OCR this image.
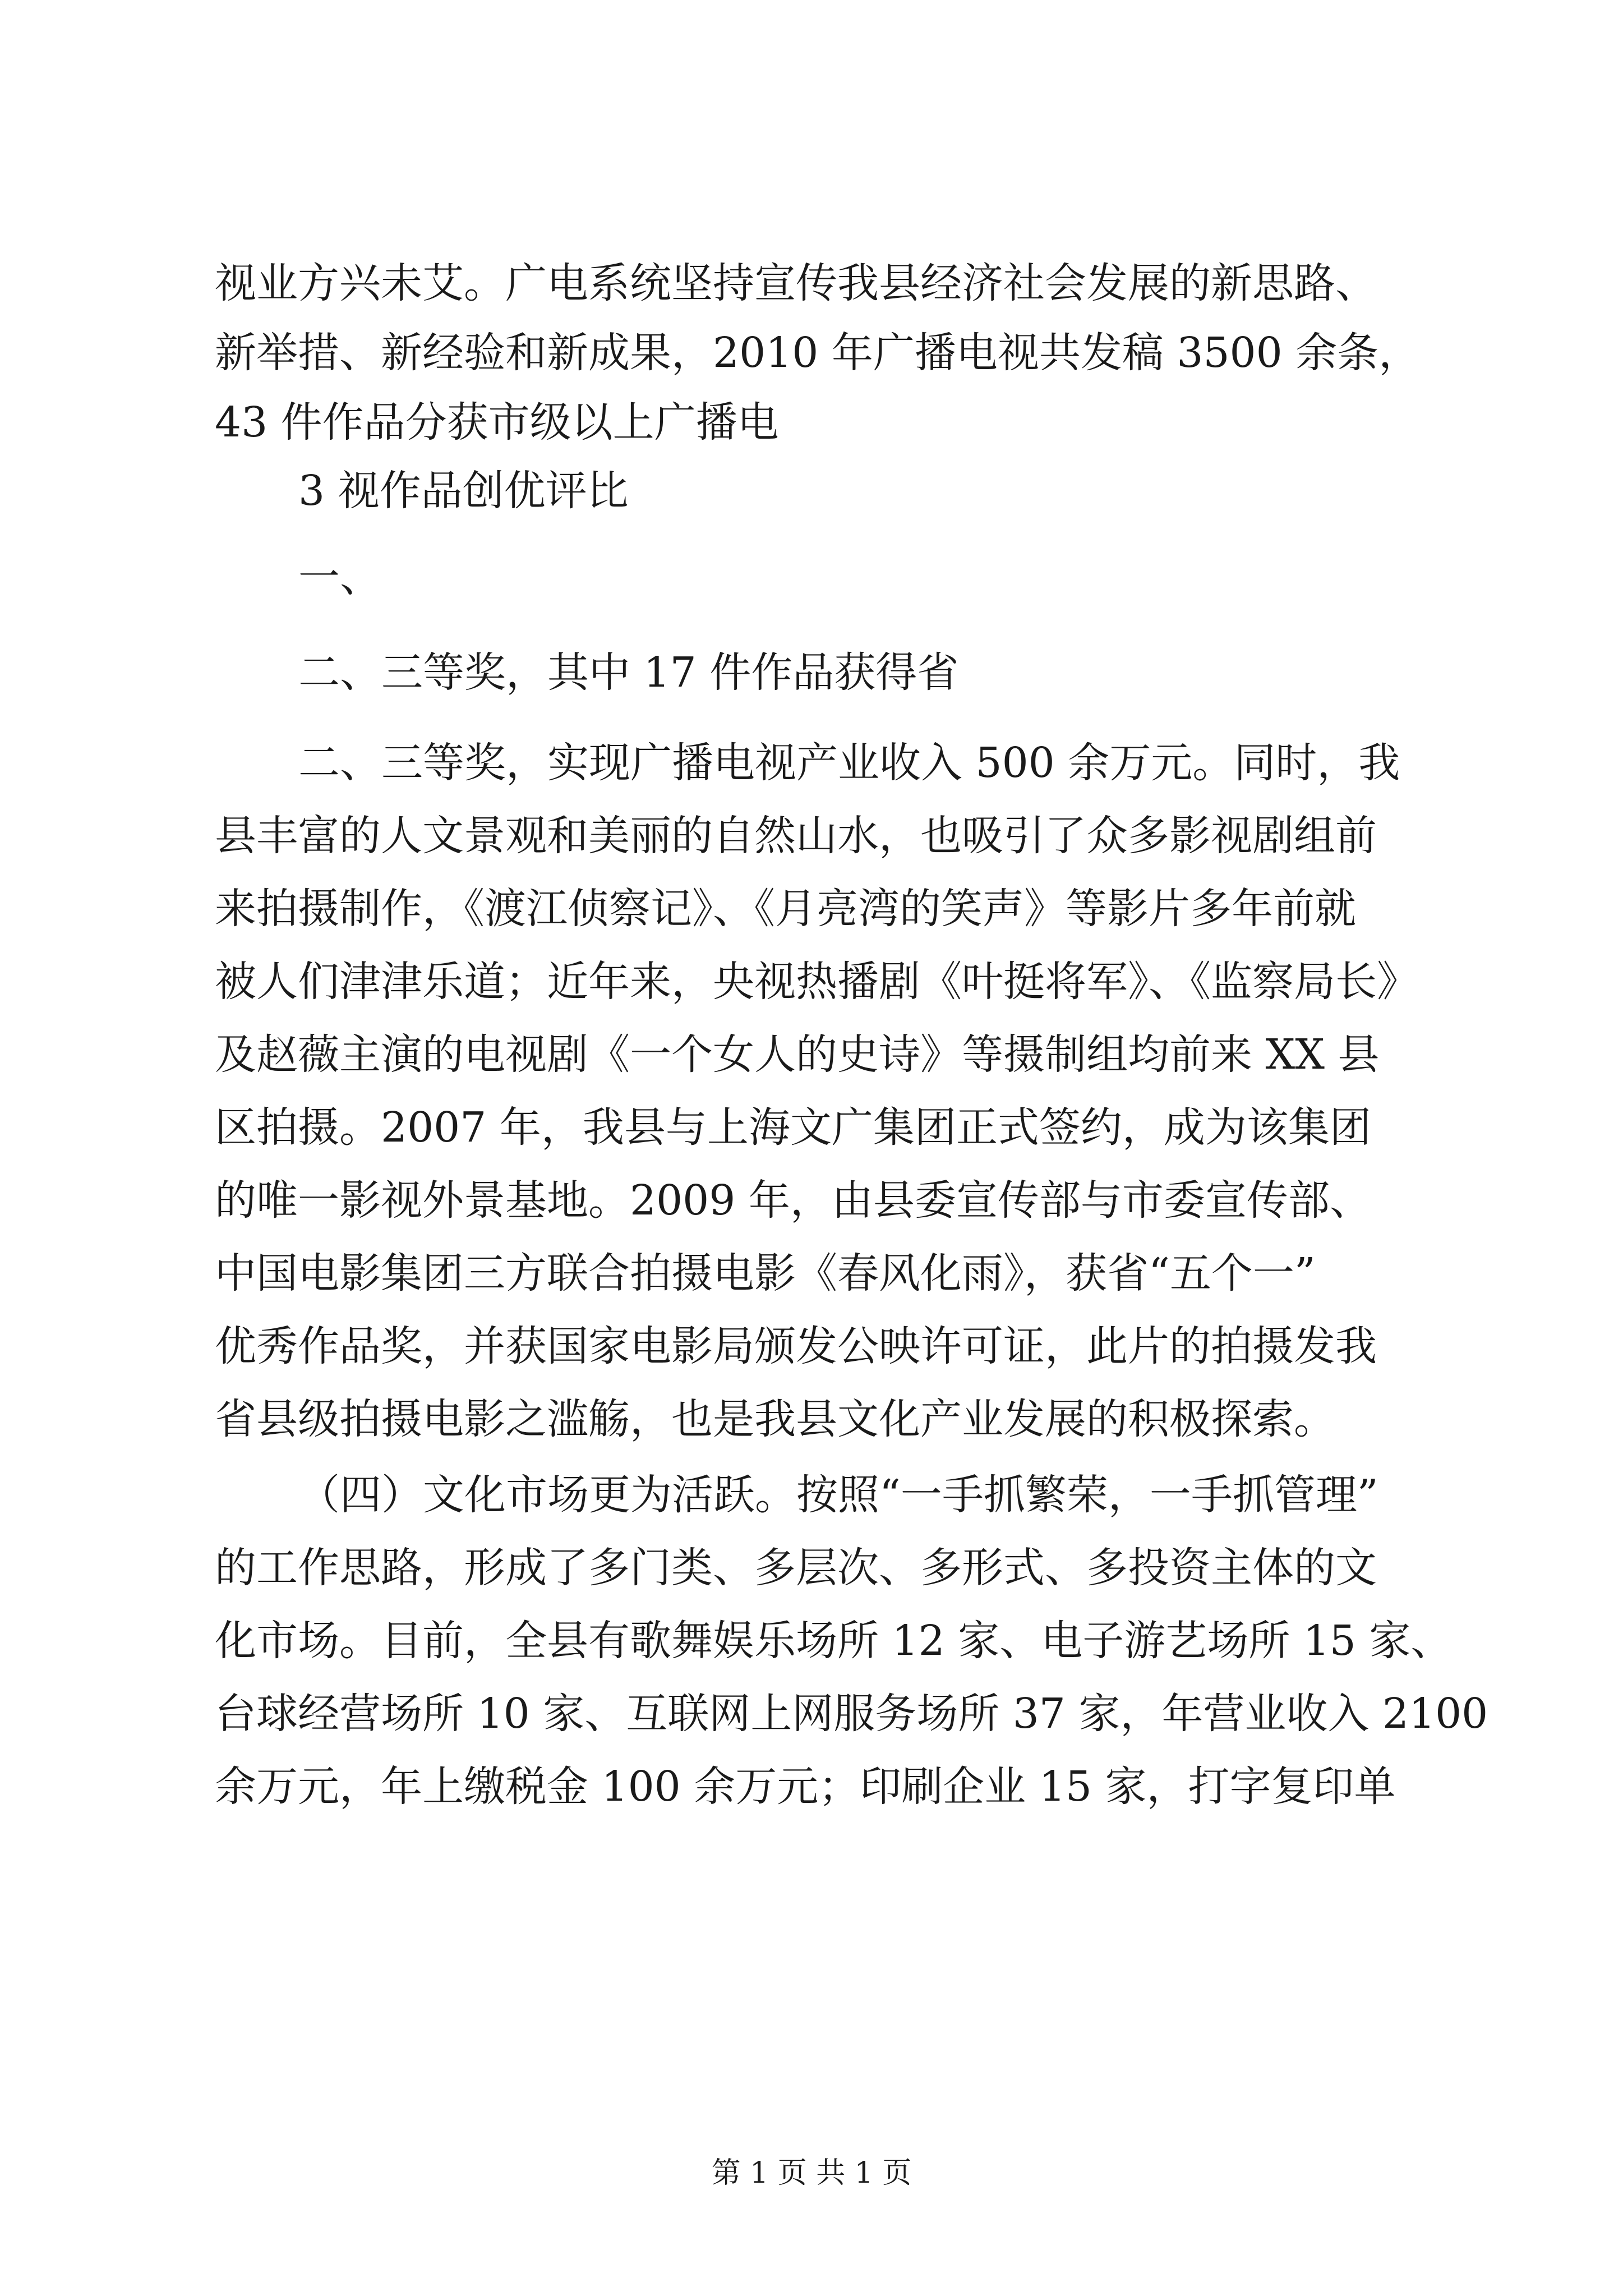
视业方兴未艾。广电系统坚持宣传我县经济社会发展的新思路、
新举措、新经验和新成果，2010 年广播电视共发稿 3500 余条，
43 件作品分获市级以上广播电
3 视作品创优评比
一、
二、三等奖，其中 17 件作品获得省
二、三等奖，实现广播电视产业收入 500 余万元。同时，我
县丰富的人文景观和美丽的自然山水，也吸引了众多影视剧组前
来拍摄制作，《渡江侦察记》、《月亮湾的笑声》等影片多年前就
被人们津津乐道；近年来，央视热播剧《叶挺将军》、《监察局长》
及赵薇主演的电视剧《一个女人的史诗》等摄制组均前来 XX 县
区拍摄。2007 年，我县与上海文广集团正式签约，成为该集团
的唯一影视外景基地。2009 年，由县委宣传部与市委宣传部、
中国电影集团三方联合拍摄电影《春风化雨》，获省“五个一”
优秀作品奖，并获国家电影局颁发公映许可证，此片的拍摄发我
省县级拍摄电影之滥觞，也是我县文化产业发展的积极探索。
（四）文化市场更为活跃。按照“一手抓繁荣，一手抓管理”
的工作思路，形成了多门类、多层次、多形式、多投资主体的文
化市场。目前，全县有歌舞娱乐场所 12 家、电子游艺场所 15 家、
台球经营场所 10 家、互联网上网服务场所 37 家，年营业收入 2100
余万元，年上缴税金 100 余万元；印刷企业 15 家，打字复印单
第 1 页 共 1 页
